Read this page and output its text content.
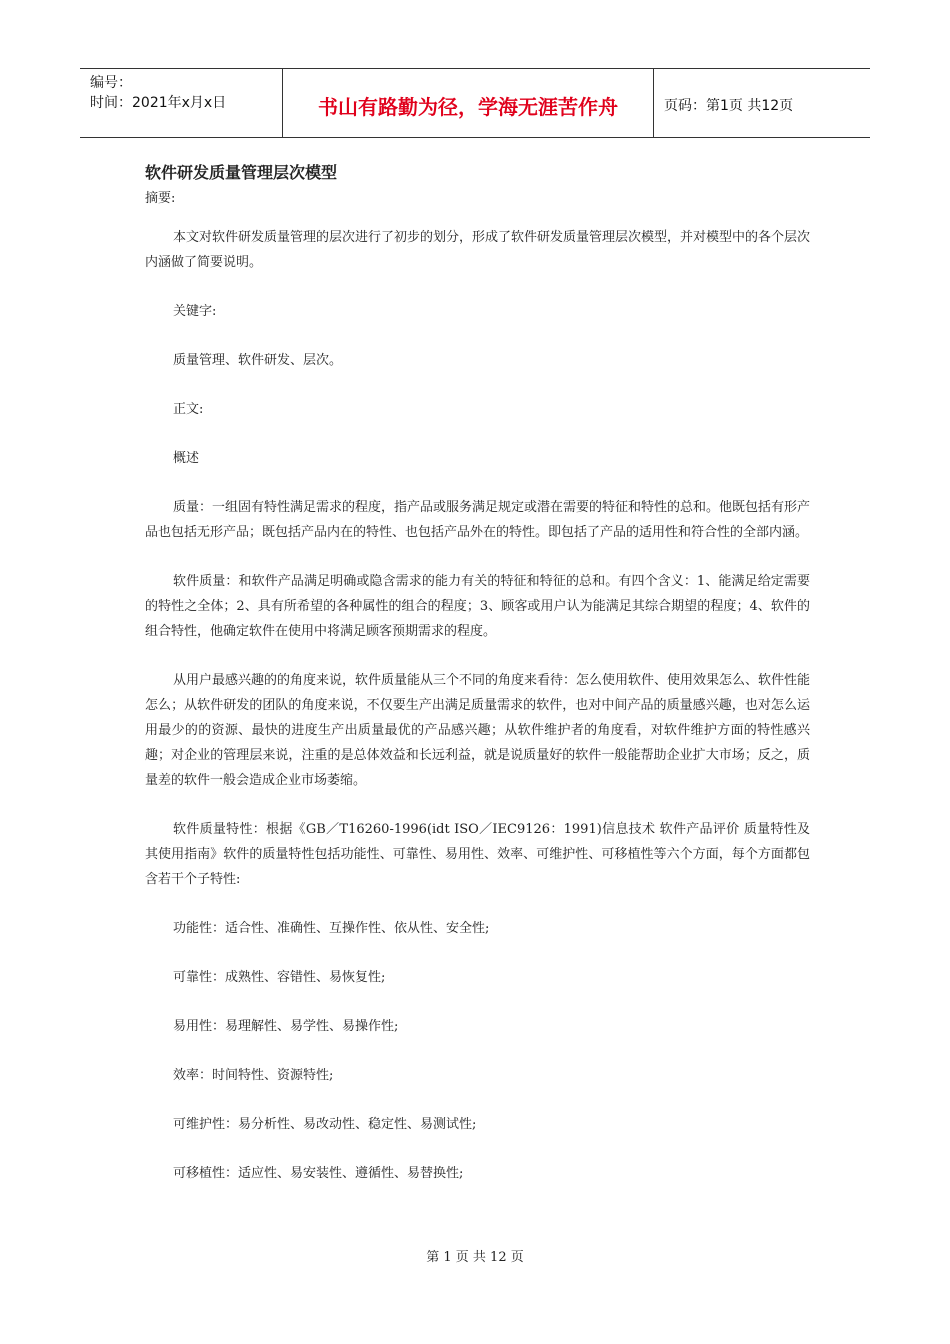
编号：
时间：2021年x月x日	书山有路勤为径，学海无涯苦作舟	页码：第1页 共12页
软件研发质量管理层次模型
摘要:

本文对软件研发质量管理的层次进行了初步的划分，形成了软件研发质量管理层次模型，并对模型中的各个层次内涵做了简要说明。

关键字:

质量管理、软件研发、层次。

正文:

概述

质量：一组固有特性满足需求的程度，指产品或服务满足规定或潜在需要的特征和特性的总和。他既包括有形产品也包括无形产品；既包括产品内在的特性、也包括产品外在的特性。即包括了产品的适用性和符合性的全部内涵。

软件质量：和软件产品满足明确或隐含需求的能力有关的特征和特征的总和。有四个含义：1、能满足给定需要的特性之全体；2、具有所希望的各种属性的组合的程度；3、顾客或用户认为能满足其综合期望的程度；4、软件的组合特性，他确定软件在使用中将满足顾客预期需求的程度。

从用户最感兴趣的的角度来说，软件质量能从三个不同的角度来看待：怎么使用软件、使用效果怎么、软件性能怎么；从软件研发的团队的角度来说，不仅要生产出满足质量需求的软件，也对中间产品的质量感兴趣，也对怎么运用最少的的资源、最快的进度生产出质量最优的产品感兴趣；从软件维护者的角度看，对软件维护方面的特性感兴趣；对企业的管理层来说，注重的是总体效益和长远利益，就是说质量好的软件一般能帮助企业扩大市场；反之，质量差的软件一般会造成企业市场萎缩。

软件质量特性：根据《GB／T16260-1996(idt ISO／IEC9126：1991)信息技术 软件产品评价 质量特性及其使用指南》软件的质量特性包括功能性、可靠性、易用性、效率、可维护性、可移植性等六个方面，每个方面都包含若干个子特性:

功能性：适合性、准确性、互操作性、依从性、安全性;

可靠性：成熟性、容错性、易恢复性;

易用性：易理解性、易学性、易操作性;

效率：时间特性、资源特性;

可维护性：易分析性、易改动性、稳定性、易测试性;

可移植性：适应性、易安装性、遵循性、易替换性;

第 1 页 共 12 页
